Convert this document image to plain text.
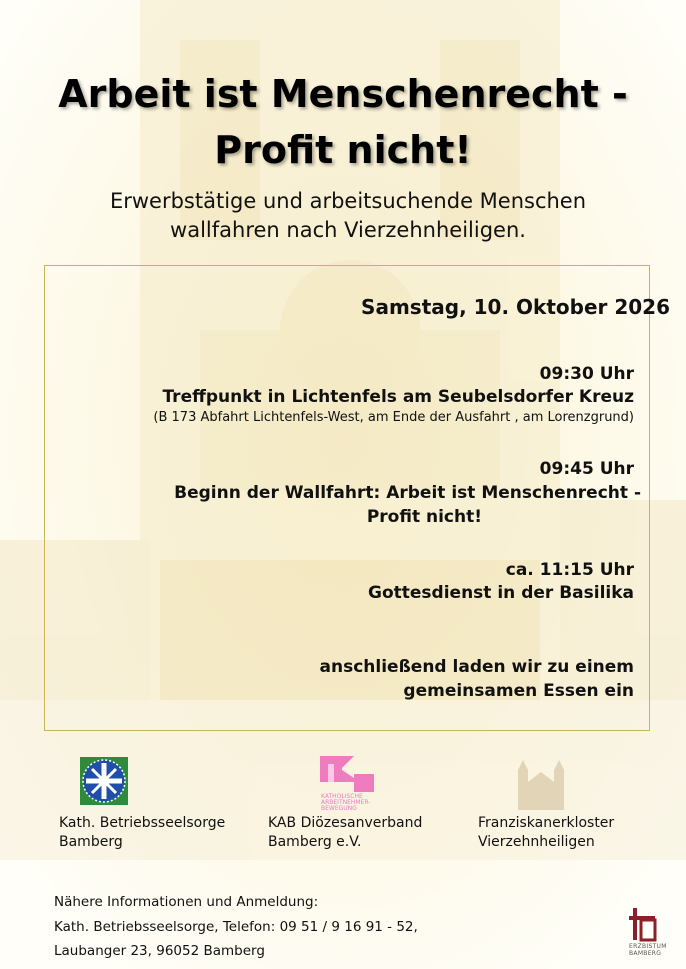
Arbeit ist Menschenrecht -
Profit nicht!
Erwerbstätige und arbeitsuchende Menschen
wallfahren nach Vierzehnheiligen.
Samstag, 10. Oktober 2026
09:30 Uhr
Treffpunkt in Lichtenfels am Seubelsdorfer Kreuz
(B 173 Abfahrt Lichtenfels-West, am Ende der Ausfahrt , am Lorenzgrund)
09:45 Uhr
Beginn der Wallfahrt: Arbeit ist Menschenrecht -
Profit nicht!
ca. 11:15 Uhr
Gottesdienst in der Basilika
anschließend laden wir zu einem
gemeinsamen Essen ein
KATHOLISCHE
ARBEITNEHMER-
BEWEGUNG
Kath. Betriebsseelsorge
Bamberg
KAB Diözesanverband
Bamberg e.V.
Franziskanerkloster
Vierzehnheiligen
Nähere Informationen und Anmeldung:
Kath. Betriebsseelsorge, Telefon: 09 51 / 9 16 91 - 52,
Laubanger 23, 96052 Bamberg	ERZBISTUM
BAMBERG
